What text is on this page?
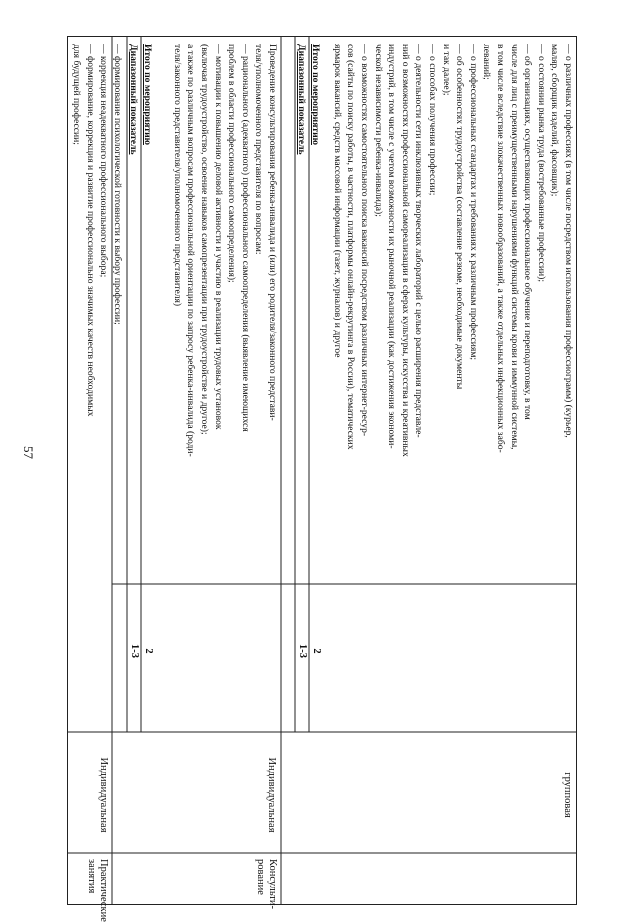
57
— о различных профессиях (в том числе посредством использования профессиограмм) (курьер,
маляр, сборщик изделий, фасовщик);
— о состоянии рынка труда (востребованные профессии);
— об организациях, осуществляющих профессиональное обучение и переподготовку, в том
числе для лиц с преимущественными нарушениями функций системы крови и иммунной системы,
в том числе вследствие злокачественных новообразований, а также отдельных инфекционных забо-
леваний;
— о профессиональных стандартах и требованиях к различным профессиям;
— об особенностях трудоустройства (составление резюме, необходимые документы
и так далее);
— о способах получения профессии;
— о деятельности сети инклюзивных творческих лабораторий с целью расширения представле-
ний о возможностях профессиональной самореализации в сферах культуры, искусства и креативных
индустрий, в том числе с учетом возможности их рыночной реализации (как достижения экономи-
ческой независимости ребенка-инвалида);
— о возможностях самостоятельного поиска вакансий посредством различных интернет-ресур-
сов (сайты по поиску работы, в частности, платформы онлайн-рекрутинга в России), тематических
ярмарок вакансий, средств массовой информации (газет, журналов) и другое
Итого по мероприятию
2
Диапазонный показатель
1-3
групповая
Консультирование
Проведение консультирования ребенка-инвалида и (или) его родителя/законного представи-
теля/уполномоченного представителя по вопросам:
— рационального (адекватного) профессионального самоопределения (выявление имеющихся
проблем в области профессионального самоопределения);
— мотивации к повышению деловой активности и участию в реализации трудовых установок
(включая трудоустройство, освоение навыков самопрезентации при трудоустройстве и другое);
а также по различным вопросам профессиональной ориентации по запросу ребенка-инвалида (роди-
теля/законного представителя/уполномоченного представителя)
Итого по мероприятию
2
Диапазонный показатель
1-3
Индивидуальная
Практические занятия
— формирование психологической готовности к выбору профессии;
— коррекция неадекватного профессионального выбора;
— формирование, коррекция и развитие профессионально значимых качеств необходимых
для будущей профессии;
Индивидуальная
